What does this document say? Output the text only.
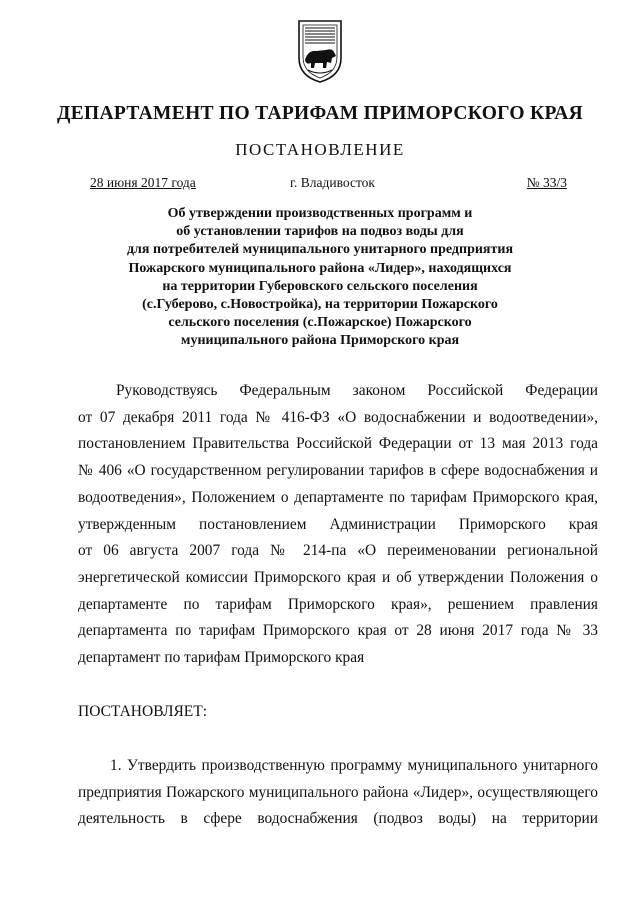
ДЕПАРТАМЕНТ ПО ТАРИФАМ ПРИМОРСКОГО КРАЯ
ПОСТАНОВЛЕНИЕ
28 июня 2017 года	г. Владивосток	№ 33/3
Об утверждении производственных программ и
об установлении тарифов на подвоз воды для
для потребителей муниципального унитарного предприятия
Пожарского муниципального района «Лидер», находящихся
на территории Губеровского сельского поселения
(с.Губерово, с.Новостройка), на территории Пожарского
сельского поселения (с.Пожарское) Пожарского
муниципального района Приморского края
Руководствуясь Федеральным законом Российской Федерации
от 07 декабря 2011 года № 416-ФЗ «О водоснабжении и водоотведении»,
постановлением Правительства Российской Федерации от 13 мая 2013 года
№ 406 «О государственном регулировании тарифов в сфере водоснабжения и
водоотведения», Положением о департаменте по тарифам Приморского края,
утвержденным постановлением Администрации Приморского края
от 06 августа 2007 года № 214-па «О переименовании региональной
энергетической комиссии Приморского края и об утверждении Положения о
департаменте по тарифам Приморского края», решением правления
департамента по тарифам Приморского края от 28 июня 2017 года № 33
департамент по тарифам Приморского края
ПОСТАНОВЛЯЕТ:
1. Утвердить производственную программу муниципального унитарного
предприятия Пожарского муниципального района «Лидер», осуществляющего
деятельность в сфере водоснабжения (подвоз воды) на территории
